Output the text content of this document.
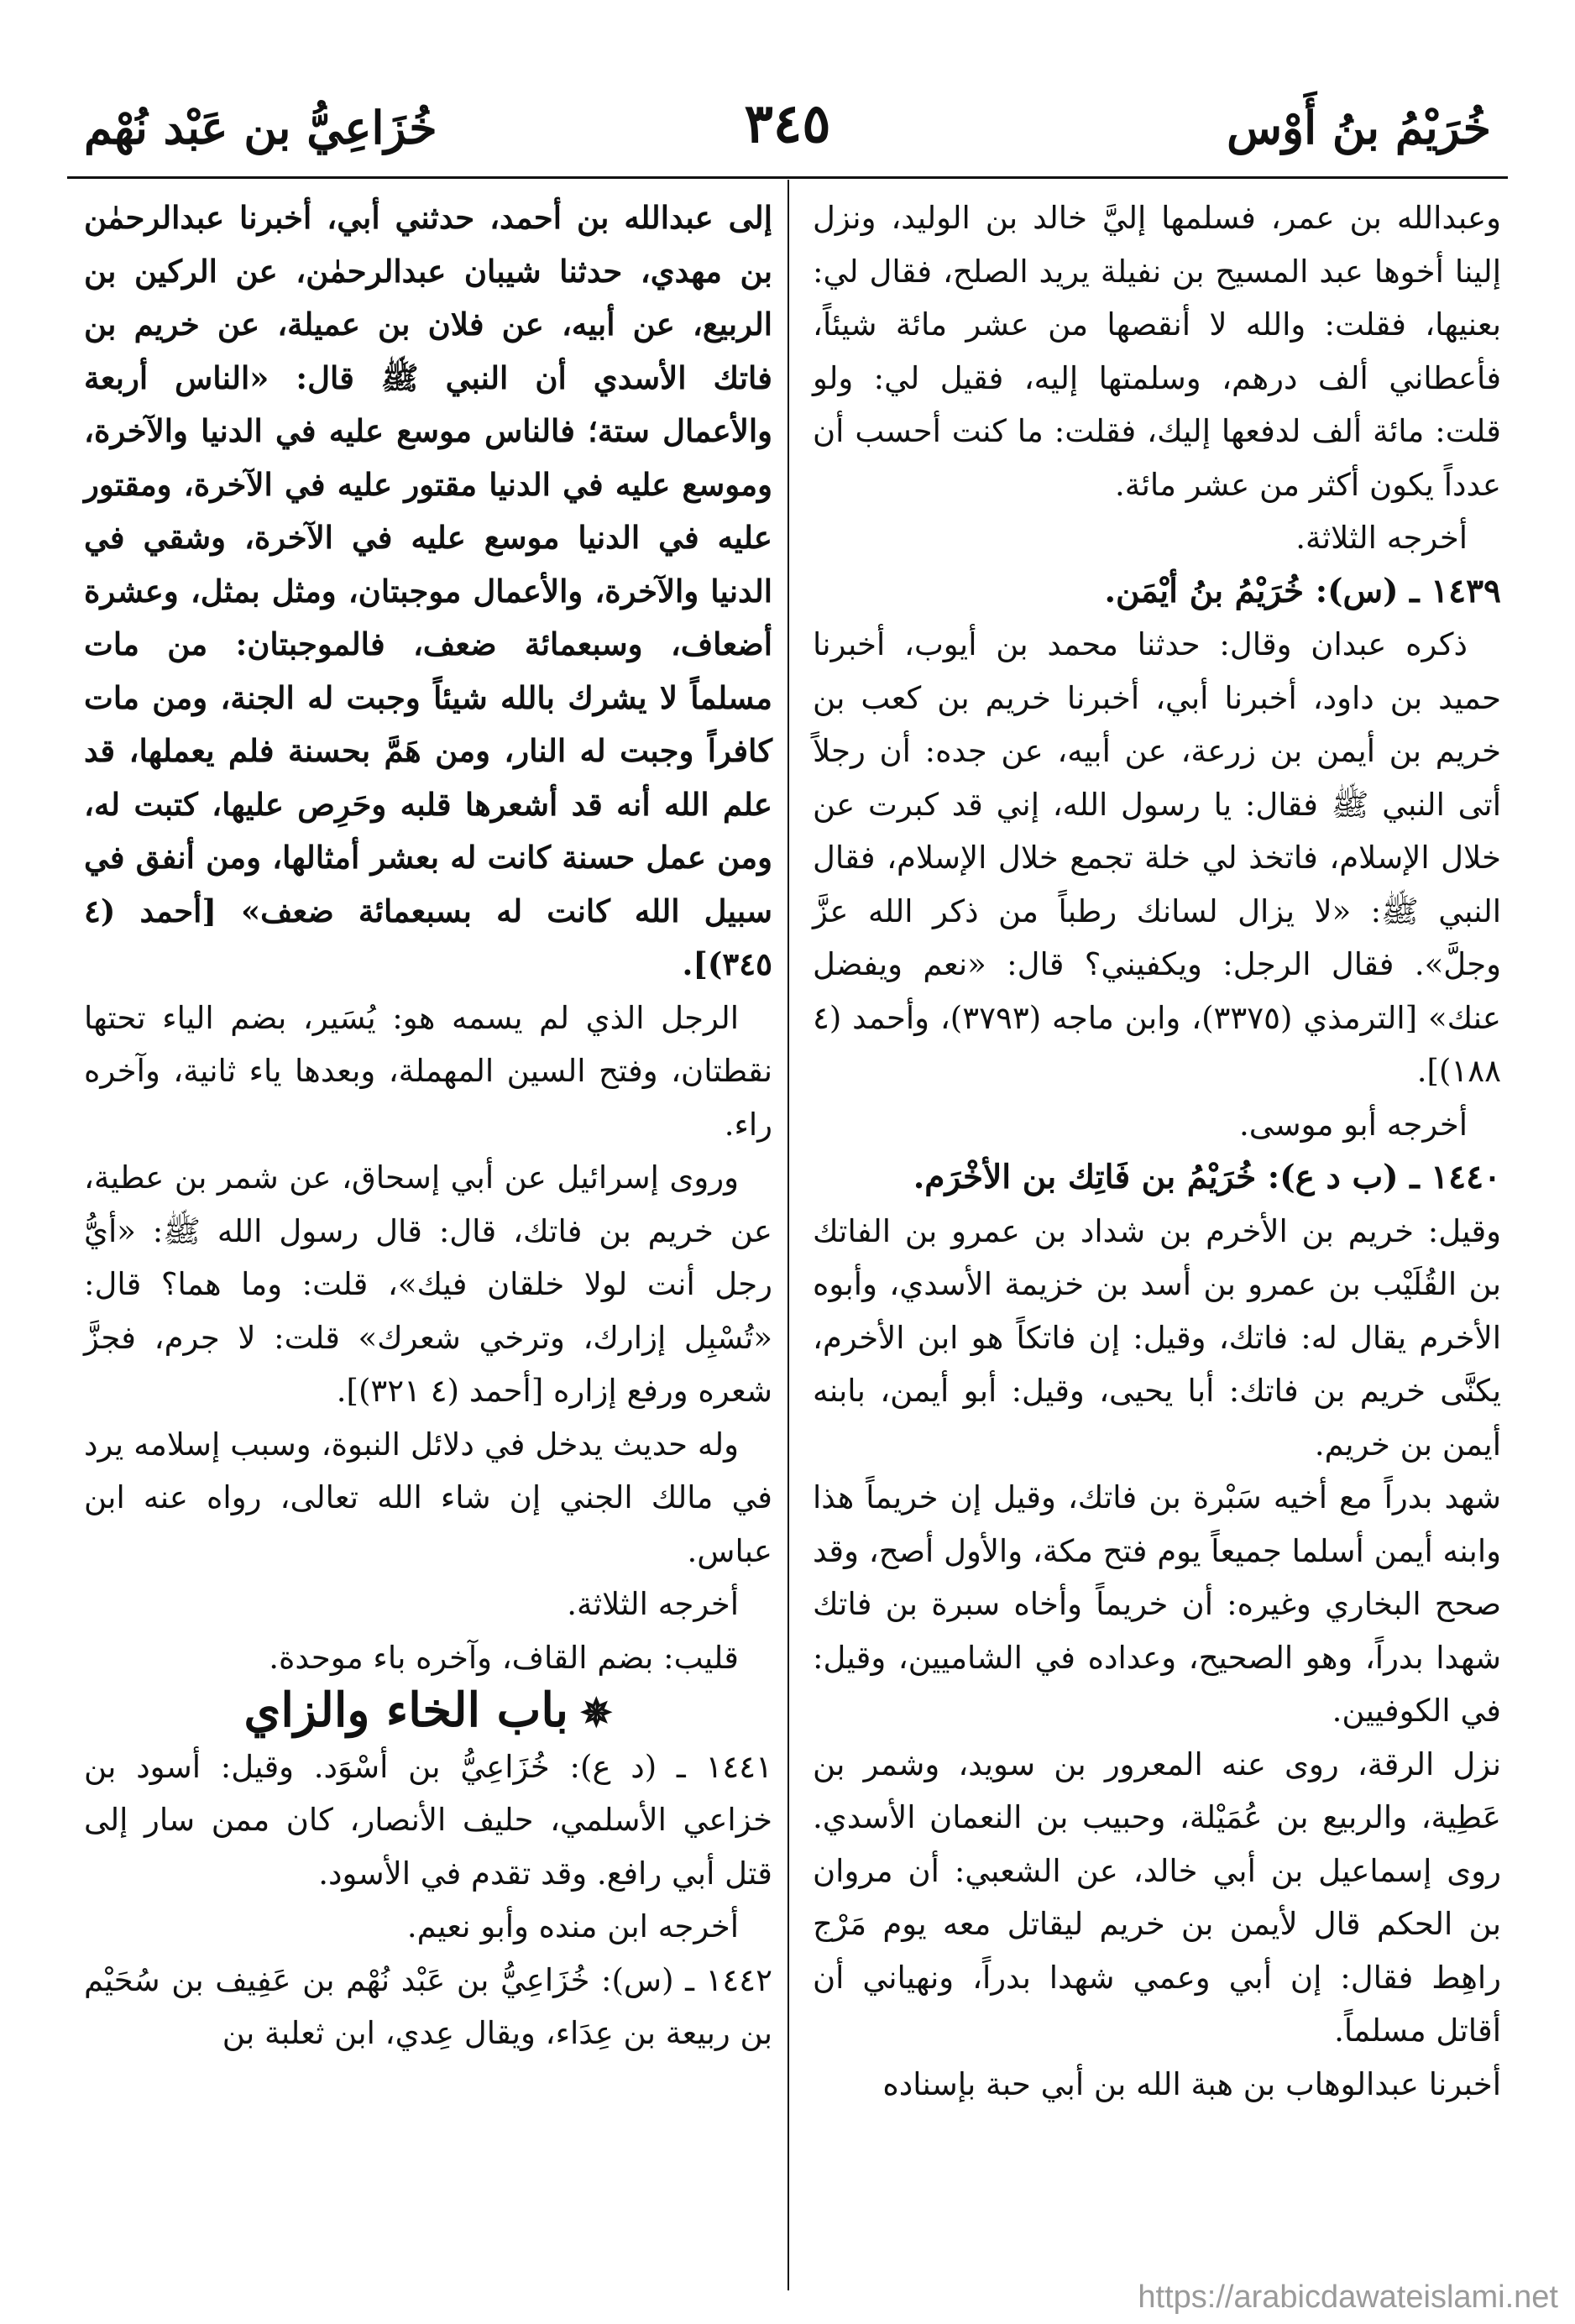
خُرَيْمُ بنُ أَوْس
٣٤٥
خُزَاعِيُّ بن عَبْد نُهْم

وعبدالله بن عمر، فسلمها إليَّ خالد بن الوليد، ونزل إلينا أخوها عبد المسيح بن نفيلة يريد الصلح، فقال لي: بعنيها، فقلت: والله لا أنقصها من عشر مائة شيئاً، فأعطاني ألف درهم، وسلمتها إليه، فقيل لي: ولو قلت: مائة ألف لدفعها إليك، فقلت: ما كنت أحسب أن عدداً يكون أكثر من عشر مائة.

أخرجه الثلاثة.

١٤٣٩ ـ (س): خُرَيْمُ بنُ أيْمَن.

ذكره عبدان وقال: حدثنا محمد بن أيوب، أخبرنا حميد بن داود، أخبرنا أبي، أخبرنا خريم بن كعب بن خريم بن أيمن بن زرعة، عن أبيه، عن جده: أن رجلاً أتى النبي ﷺ فقال: يا رسول الله، إني قد كبرت عن خلال الإسلام، فاتخذ لي خلة تجمع خلال الإسلام، فقال النبي ﷺ: «لا يزال لسانك رطباً من ذكر الله عزَّ وجلَّ». فقال الرجل: ويكفيني؟ قال: «نعم ويفضل عنك» [الترمذي (٣٣٧٥)، وابن ماجه (٣٧٩٣)، وأحمد (٤ ١٨٨)].

أخرجه أبو موسى.

١٤٤٠ ـ (ب د ع): خُرَيْمُ بن فَاتِك بن الأخْرَم.

وقيل: خريم بن الأخرم بن شداد بن عمرو بن الفاتك بن القُلَيْب بن عمرو بن أسد بن خزيمة الأسدي، وأبوه الأخرم يقال له: فاتك، وقيل: إن فاتكاً هو ابن الأخرم، يكنَّى خريم بن فاتك: أبا يحيى، وقيل: أبو أيمن، بابنه أيمن بن خريم.

شهد بدراً مع أخيه سَبْرة بن فاتك، وقيل إن خريماً هذا وابنه أيمن أسلما جميعاً يوم فتح مكة، والأول أصح، وقد صحح البخاري وغيره: أن خريماً وأخاه سبرة بن فاتك شهدا بدراً، وهو الصحيح، وعداده في الشاميين، وقيل: في الكوفيين.

نزل الرقة، روى عنه المعرور بن سويد، وشمر بن عَطِية، والربيع بن عُمَيْلة، وحبيب بن النعمان الأسدي. روى إسماعيل بن أبي خالد، عن الشعبي: أن مروان بن الحكم قال لأيمن بن خريم ليقاتل معه يوم مَرْج راهِط فقال: إن أبي وعمي شهدا بدراً، ونهياني أن أقاتل مسلماً.

أخبرنا عبدالوهاب بن هبة الله بن أبي حبة بإسناده

إلى عبدالله بن أحمد، حدثني أبي، أخبرنا عبدالرحمٰن بن مهدي، حدثنا شيبان عبدالرحمٰن، عن الركين بن الربيع، عن أبيه، عن فلان بن عميلة، عن خريم بن فاتك الأسدي أن النبي ﷺ قال: «الناس أربعة والأعمال ستة؛ فالناس موسع عليه في الدنيا والآخرة، وموسع عليه في الدنيا مقتور عليه في الآخرة، ومقتور عليه في الدنيا موسع عليه في الآخرة، وشقي في الدنيا والآخرة، والأعمال موجبتان، ومثل بمثل، وعشرة أضعاف، وسبعمائة ضعف، فالموجبتان: من مات مسلماً لا يشرك بالله شيئاً وجبت له الجنة، ومن مات كافراً وجبت له النار، ومن هَمَّ بحسنة فلم يعملها، قد علم الله أنه قد أشعرها قلبه وحَرِص عليها، كتبت له، ومن عمل حسنة كانت له بعشر أمثالها، ومن أنفق في سبيل الله كانت له بسبعمائة ضعف» [أحمد (٤ ٣٤٥)].

الرجل الذي لم يسمه هو: يُسَير، بضم الياء تحتها نقطتان، وفتح السين المهملة، وبعدها ياء ثانية، وآخره راء.

وروى إسرائيل عن أبي إسحاق، عن شمر بن عطية، عن خريم بن فاتك، قال: قال رسول الله ﷺ: «أيُّ رجل أنت لولا خلقان فيك»، قلت: وما هما؟ قال: «تُسْبِل إزارك، وترخي شعرك» قلت: لا جرم، فجزَّ شعره ورفع إزاره [أحمد (٤ ٣٢١)].

وله حديث يدخل في دلائل النبوة، وسبب إسلامه يرد في مالك الجني إن شاء الله تعالى، رواه عنه ابن عباس.

أخرجه الثلاثة.

قليب: بضم القاف، وآخره باء موحدة.

✵باب الخاء والزاي

١٤٤١ ـ (د ع): خُزَاعِيُّ بن أسْوَد. وقيل: أسود بن خزاعي الأسلمي، حليف الأنصار، كان ممن سار إلى قتل أبي رافع. وقد تقدم في الأسود.

أخرجه ابن منده وأبو نعيم.

١٤٤٢ ـ (س): خُزَاعِيُّ بن عَبْد نُهْم بن عَفِيف بن سُحَيْم بن ربيعة بن عِدَاء، ويقال عِدي، ابن ثعلبة بن

https://arabicdawateislami.net
